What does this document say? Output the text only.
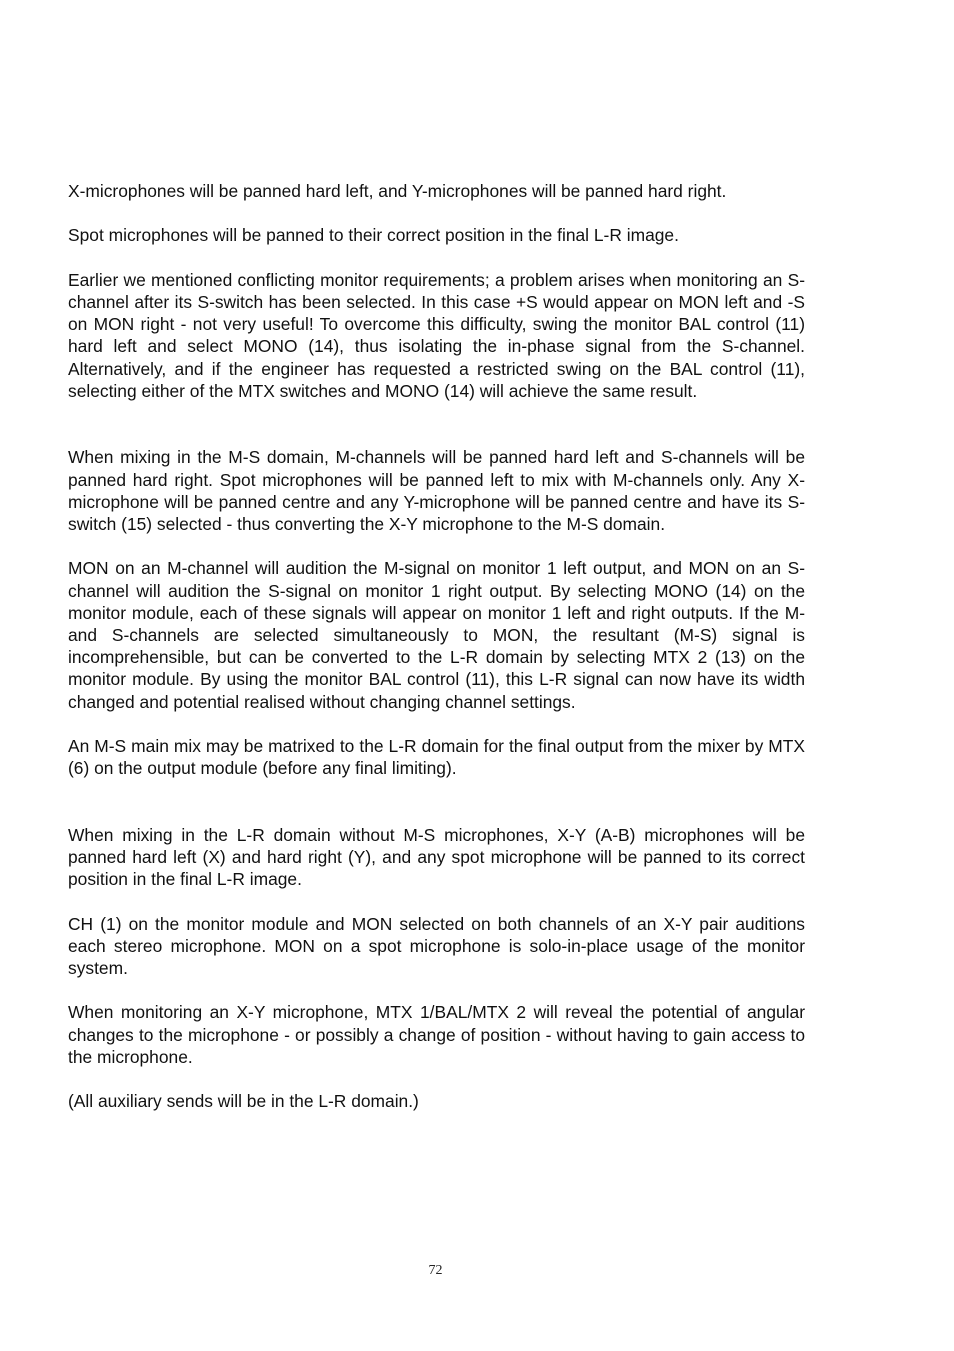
X-microphones will be panned hard left, and Y-microphones will be panned hard right.

Spot microphones will be panned to their correct position in the final L-R image.

Earlier we mentioned conflicting monitor requirements; a problem arises when monitoring an S-channel after its S-switch has been selected. In this case +S would appear on MON left and -S on MON right - not very useful! To overcome this difficulty, swing the monitor BAL control (11) hard left and select MONO (14), thus isolating the in-phase signal from the S-channel. Alternatively, and if the engineer has requested a restricted swing on the BAL control (11), selecting either of the MTX switches and MONO (14) will achieve the same result.

When mixing in the M-S domain, M-channels will be panned hard left and S-channels will be panned hard right. Spot microphones will be panned left to mix with M-channels only. Any X-microphone will be panned centre and any Y-microphone will be panned centre and have its S-switch (15) selected - thus converting the X-Y microphone to the M-S domain.

MON on an M-channel will audition the M-signal on monitor 1 left output, and MON on an S-channel will audition the S-signal on monitor 1 right output. By selecting MONO (14) on the monitor module, each of these signals will appear on monitor 1 left and right outputs. If the M- and S-channels are selected simultaneously to MON, the resultant (M-S) signal is incomprehensible, but can be converted to the L-R domain by selecting MTX 2 (13) on the monitor module. By using the monitor BAL control (11), this L-R signal can now have its width changed and potential realised without changing channel settings.

An M-S main mix may be matrixed to the L-R domain for the final output from the mixer by MTX (6) on the output module (before any final limiting).

When mixing in the L-R domain without M-S microphones, X-Y (A-B) microphones will be panned hard left (X) and hard right (Y), and any spot microphone will be panned to its correct position in the final L-R image.

CH (1) on the monitor module and MON selected on both channels of an X-Y pair auditions each stereo microphone. MON on a spot microphone is solo-in-place usage of the monitor system.

When monitoring an X-Y microphone, MTX 1/BAL/MTX 2 will reveal the potential of angular changes to the microphone - or possibly a change of position - without having to gain access to the microphone.

(All auxiliary sends will be in the L-R domain.)

72
